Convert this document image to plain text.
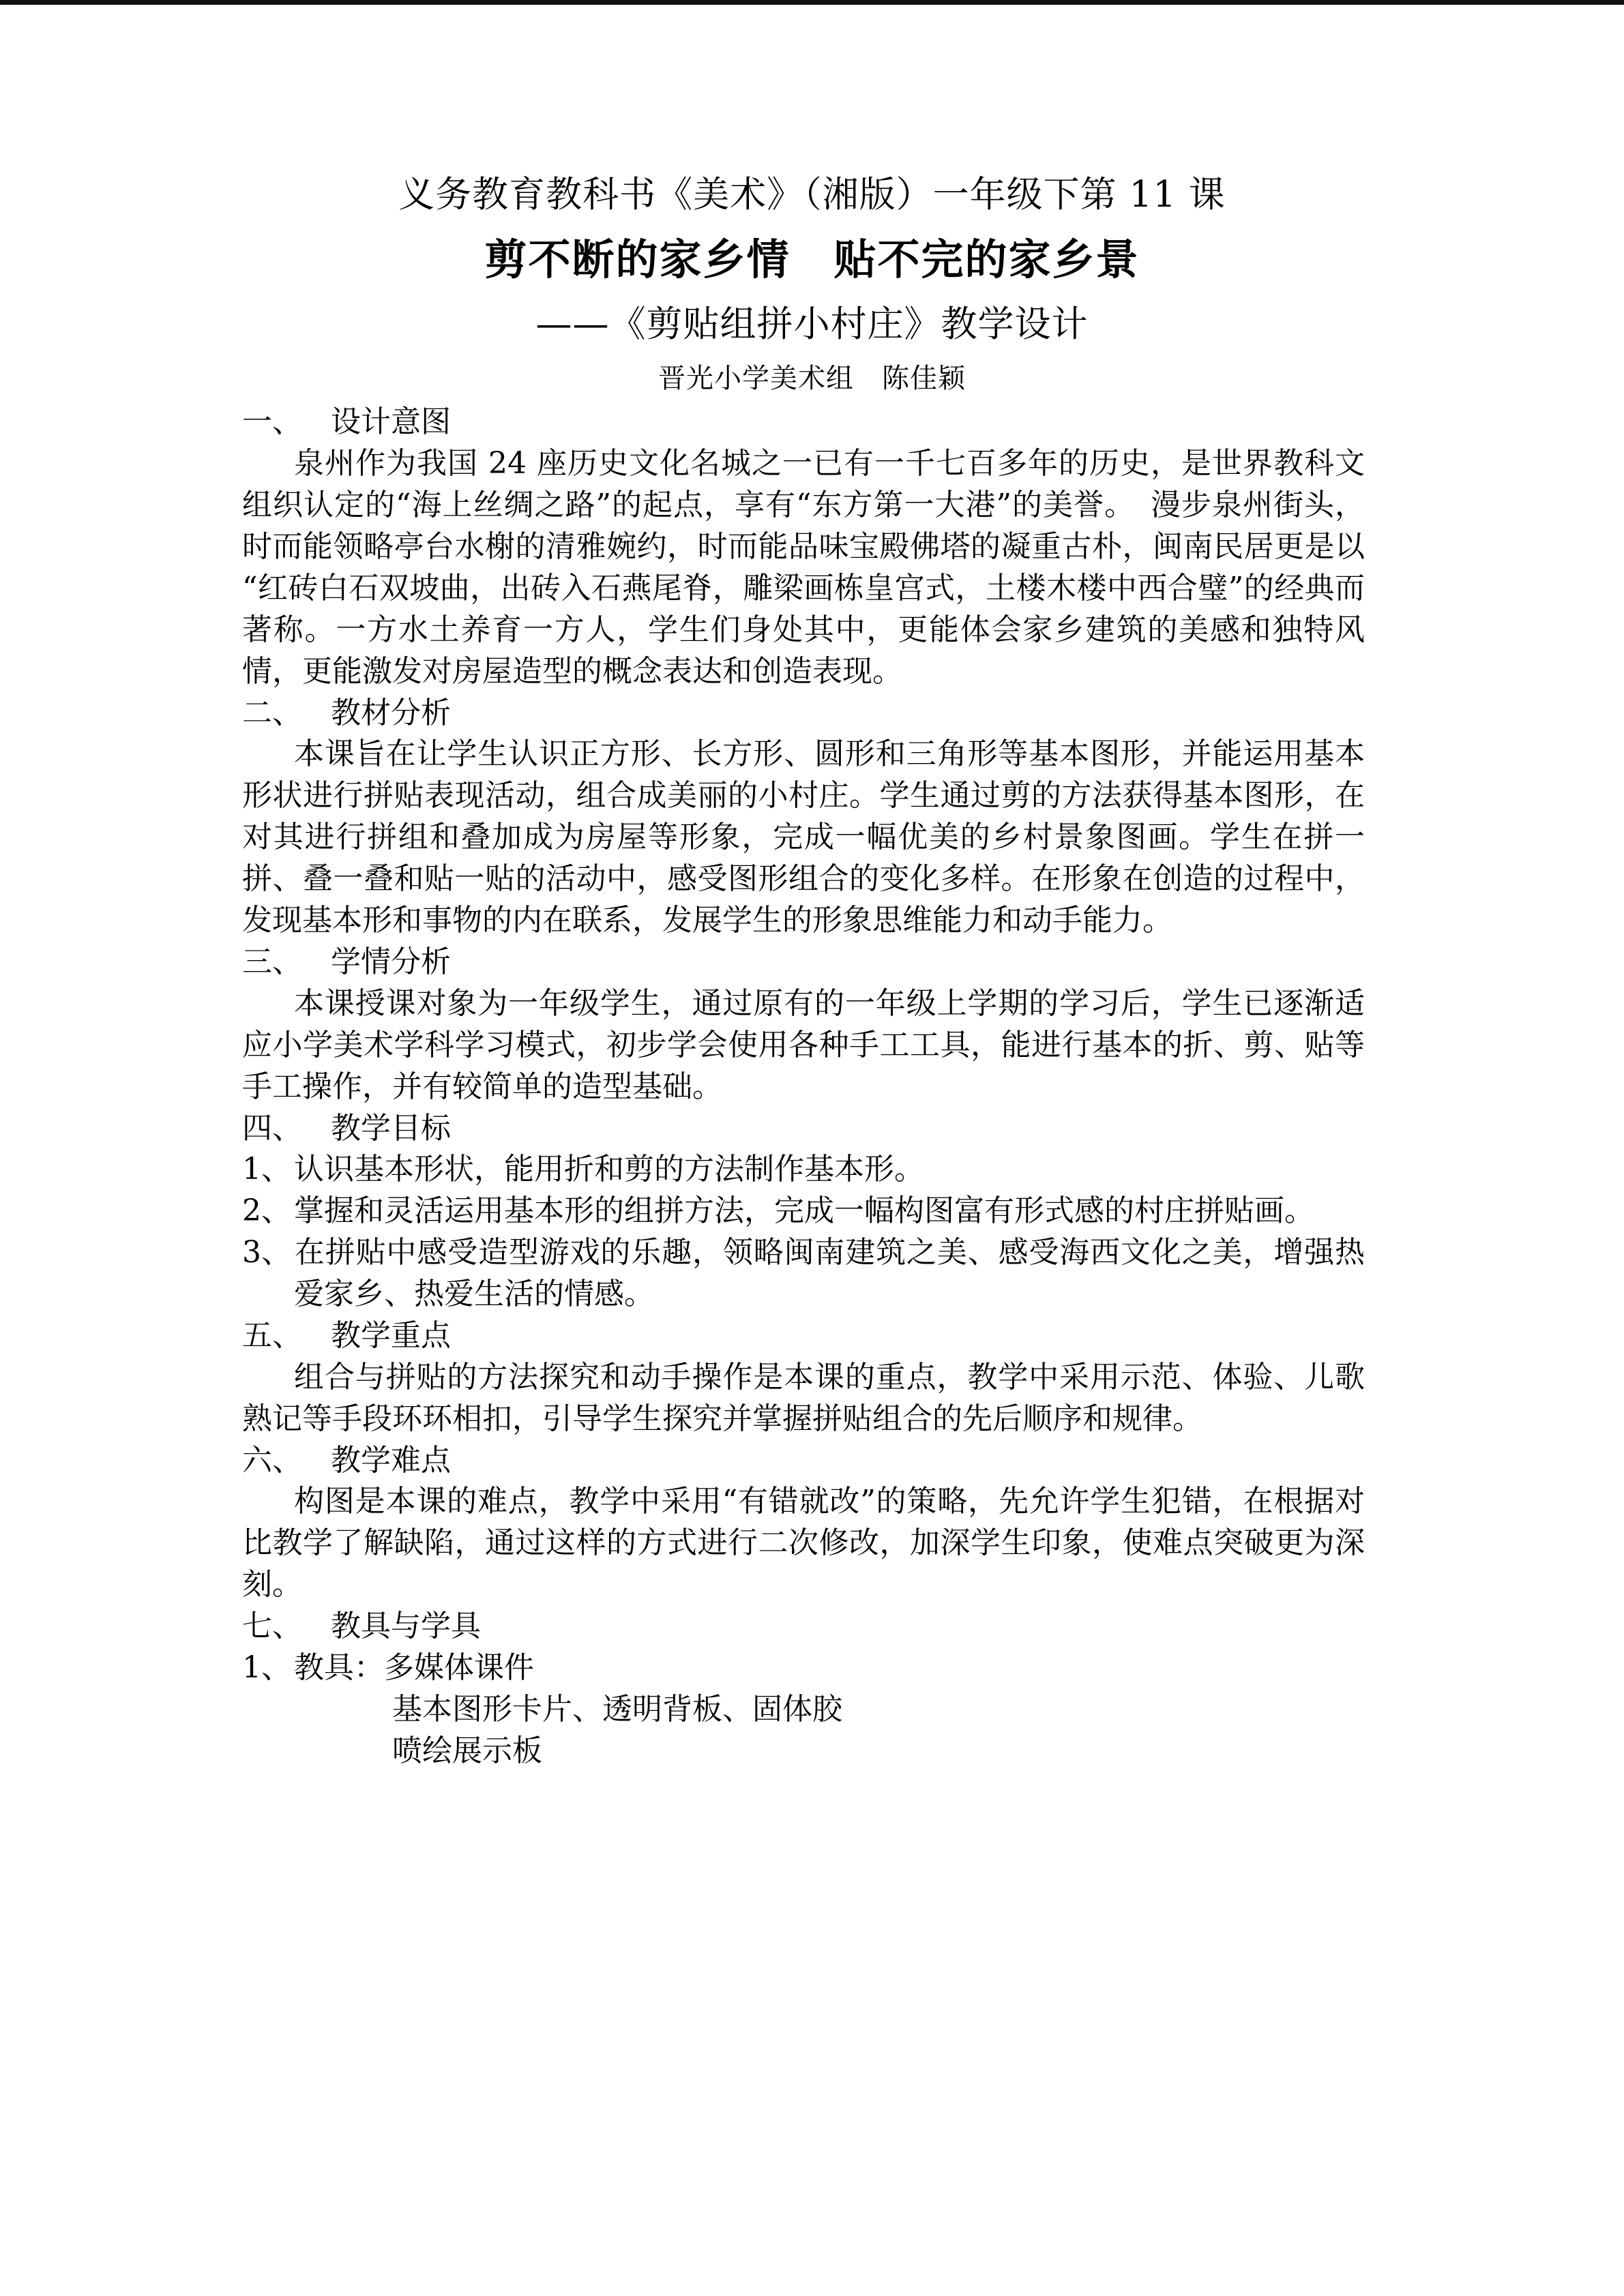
义务教育教科书《美术》（湘版）一年级下第 11 课
剪不断的家乡情　贴不完的家乡景
——《剪贴组拼小村庄》教学设计
晋光小学美术组　陈佳颖

一、 设计意图

泉州作为我国 24 座历史文化名城之一已有一千七百多年的历史，是世界教科文组织认定的“海上丝绸之路”的起点，享有“东方第一大港”的美誉。　漫步泉州街头，时而能领略亭台水榭的清雅婉约，时而能品味宝殿佛塔的凝重古朴，闽南民居更是以“红砖白石双坡曲，出砖入石燕尾脊，雕梁画栋皇宫式，土楼木楼中西合璧”的经典而著称。一方水土养育一方人，学生们身处其中，更能体会家乡建筑的美感和独特风情，更能激发对房屋造型的概念表达和创造表现。

二、 教材分析

本课旨在让学生认识正方形、长方形、圆形和三角形等基本图形，并能运用基本形状进行拼贴表现活动，组合成美丽的小村庄。学生通过剪的方法获得基本图形，在对其进行拼组和叠加成为房屋等形象，完成一幅优美的乡村景象图画。学生在拼一拼、叠一叠和贴一贴的活动中，感受图形组合的变化多样。在形象在创造的过程中，发现基本形和事物的内在联系，发展学生的形象思维能力和动手能力。

三、 学情分析

本课授课对象为一年级学生，通过原有的一年级上学期的学习后，学生已逐渐适应小学美术学科学习模式，初步学会使用各种手工工具，能进行基本的折、剪、贴等手工操作，并有较简单的造型基础。

四、 教学目标

1、认识基本形状，能用折和剪的方法制作基本形。

2、掌握和灵活运用基本形的组拼方法，完成一幅构图富有形式感的村庄拼贴画。

3、在拼贴中感受造型游戏的乐趣，领略闽南建筑之美、感受海西文化之美，增强热爱家乡、热爱生活的情感。

五、 教学重点

组合与拼贴的方法探究和动手操作是本课的重点，教学中采用示范、体验、儿歌熟记等手段环环相扣，引导学生探究并掌握拼贴组合的先后顺序和规律。

六、 教学难点

构图是本课的难点，教学中采用“有错就改”的策略，先允许学生犯错，在根据对比教学了解缺陷，通过这样的方式进行二次修改，加深学生印象，使难点突破更为深刻。

七、 教具与学具

1、教具：多媒体课件

基本图形卡片、透明背板、固体胶

喷绘展示板
